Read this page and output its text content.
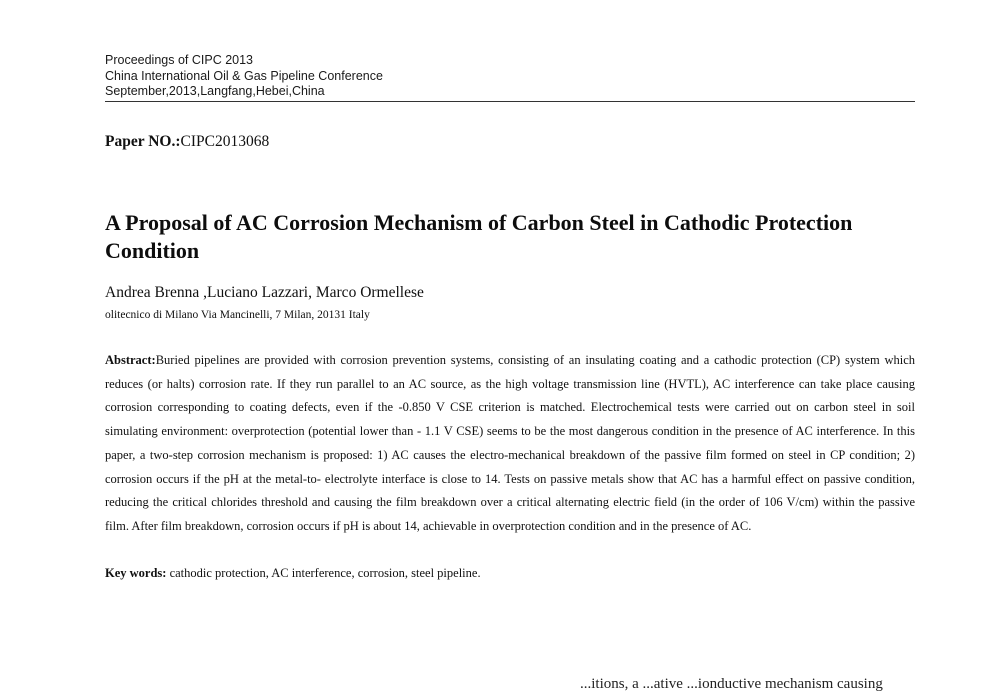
Proceedings of CIPC 2013
China International Oil & Gas Pipeline Conference
September,2013,Langfang,Hebei,China
Paper NO.:CIPC2013068
A Proposal of AC Corrosion Mechanism of Carbon Steel in Cathodic Protection Condition
Andrea Brenna ,Luciano Lazzari, Marco Ormellese
olitecnico di Milano Via Mancinelli, 7 Milan, 20131 Italy
Abstract:Buried pipelines are provided with corrosion prevention systems, consisting of an insulating coating and a cathodic protection (CP) system which reduces (or halts) corrosion rate. If they run parallel to an AC source, as the high voltage transmission line (HVTL), AC interference can take place causing corrosion corresponding to coating defects, even if the -0.850 V CSE criterion is matched. Electrochemical tests were carried out on carbon steel in soil simulating environment: overprotection (potential lower than - 1.1 V CSE) seems to be the most dangerous condition in the presence of AC interference. In this paper, a two-step corrosion mechanism is proposed: 1) AC causes the electro-mechanical breakdown of the passive film formed on steel in CP condition; 2) corrosion occurs if the pH at the metal-to- electrolyte interface is close to 14. Tests on passive metals show that AC has a harmful effect on passive condition, reducing the critical chlorides threshold and causing the film breakdown over a critical alternating electric field (in the order of 106 V/cm) within the passive film. After film breakdown, corrosion occurs if pH is about 14, achievable in overprotection condition and in the presence of AC.
Key words: cathodic protection, AC interference, corrosion, steel pipeline.
...itions, a ...ative ...ionductive mechanism causing
